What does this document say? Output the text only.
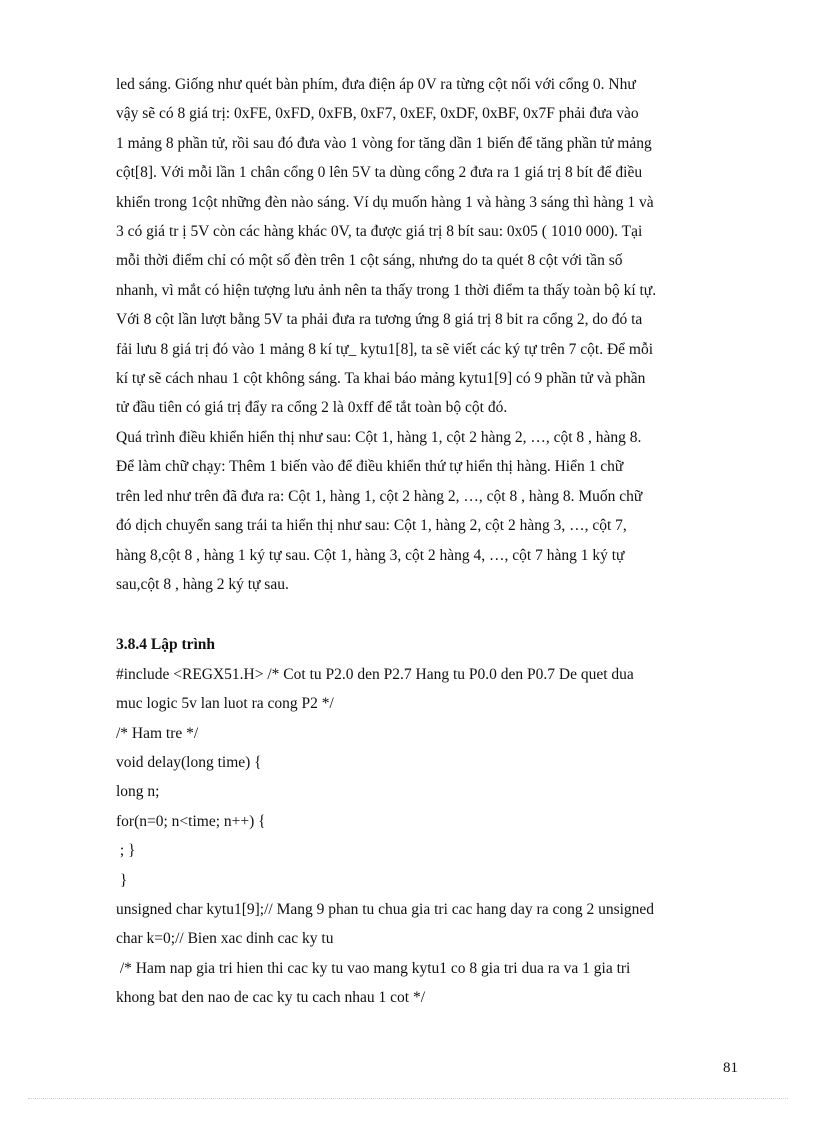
led sáng. Giống như quét bàn phím, đưa điện áp 0V ra từng cột nối với cổng 0. Như

vậy sẽ có 8 giá trị: 0xFE, 0xFD, 0xFB, 0xF7, 0xEF, 0xDF, 0xBF, 0x7F phải đưa vào

1 mảng 8 phần tử, rồi sau đó đưa vào 1 vòng for tăng dần 1 biến để tăng phần tử mảng

cột[8]. Với mỗi lần 1 chân cổng 0 lên 5V ta dùng cổng 2 đưa ra 1 giá trị 8 bít để điều

khiển trong 1cột những đèn nào sáng. Ví dụ muốn hàng 1 và hàng 3 sáng thì hàng 1 và

3 có giá tr ị 5V còn các hàng khác 0V, ta được giá trị 8 bít sau: 0x05 ( 1010 000). Tại

mỗi thời điểm chỉ có một số đèn trên 1 cột sáng, nhưng do ta quét 8 cột với tần số

nhanh, vì mắt có hiện tượng lưu ảnh nên ta thấy trong 1 thời điểm ta thấy toàn bộ kí tự.

Với 8 cột lần lượt bằng 5V ta phải đưa ra tương ứng 8 giá trị 8 bit ra cổng 2, do đó ta

fải lưu 8 giá trị đó vào 1 mảng 8 kí tự_ kytu1[8], ta sẽ viết các ký tự trên 7 cột. Để mỗi

kí tự sẽ cách nhau 1 cột không sáng. Ta khai báo mảng kytu1[9] có 9 phần tử và phần

tử đầu tiên có giá trị đẩy ra cổng 2 là 0xff để tắt toàn bộ cột đó.

Quá trình điều khiển hiển thị như sau: Cột 1, hàng 1, cột 2 hàng 2, …, cột 8 , hàng 8.

Để làm chữ chạy: Thêm 1 biến vào để điều khiển thứ tự hiển thị hàng. Hiển 1 chữ

trên led như trên đã đưa ra: Cột 1, hàng 1, cột 2 hàng 2, …, cột 8 , hàng 8. Muốn chữ

đó dịch chuyển sang trái ta hiển thị như sau: Cột 1, hàng 2, cột 2 hàng 3, …, cột 7,

hàng 8,cột 8 , hàng 1 ký tự sau. Cột 1, hàng 3, cột 2 hàng 4, …, cột 7 hàng 1 ký tự

sau,cột 8 , hàng 2 ký tự sau.

3.8.4 Lập trình

#include <REGX51.H> /* Cot tu P2.0 den P2.7 Hang tu P0.0 den P0.7 De quet dua

muc logic 5v lan luot ra cong P2 */

/* Ham tre */

void delay(long time) {

long n;

for(n=0; n<time; n++) {

; }

}

unsigned char kytu1[9];// Mang 9 phan tu chua gia tri cac hang day ra cong 2 unsigned

char k=0;// Bien xac dinh cac ky tu

/* Ham nap gia tri hien thi cac ky tu vao mang kytu1 co 8 gia tri dua ra va 1 gia tri

khong bat den nao de cac ky tu cach nhau 1 cot */

81
